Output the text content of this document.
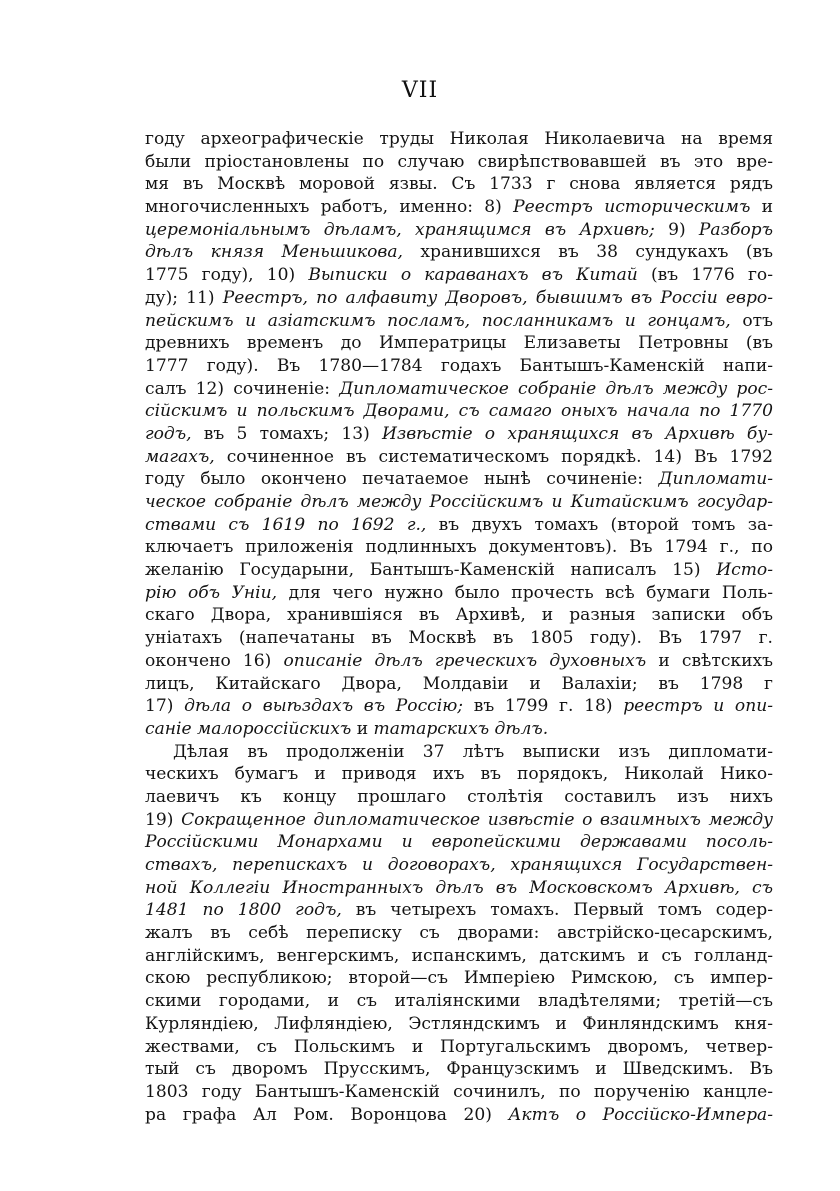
VII
году археографическіе труды Николая Николаевича на время
были пріостановлены по случаю свирѣпствовавшей въ это вре-
мя въ Москвѣ моровой язвы. Съ 1733 г снова является рядъ
многочисленныхъ работъ, именно: 8) Реестръ историческимъ и
церемоніальнымъ дѣламъ, хранящимся въ Архивѣ; 9) Разборъ
дѣлъ князя Меньшикова, хранившихся въ 38 сундукахъ (въ
1775 году), 10) Выписки о караванахъ въ Китай (въ 1776 го-
ду); 11) Реестръ, по алфавиту Дворовъ, бывшимъ въ Россіи евро-
пейскимъ и азіатскимъ посламъ, посланникамъ и гонцамъ, отъ
древнихъ временъ до Императрицы Елизаветы Петровны (въ
1777 году). Въ 1780—1784 годахъ Бантышъ-Каменскій напи-
салъ 12) сочиненіе: Дипломатическое собраніе дѣлъ между рос-
сійскимъ и польскимъ Дворами, съ самаго оныхъ начала по 1770
годъ, въ 5 томахъ; 13) Извѣстіе о хранящихся въ Архивѣ бу-
магахъ, сочиненное въ систематическомъ порядкѣ. 14) Въ 1792
году было окончено печатаемое нынѣ сочиненіе: Дипломати-
ческое собраніе дѣлъ между Россійскимъ и Китайскимъ государ-
ствами съ 1619 по 1692 г., въ двухъ томахъ (второй томъ за-
ключаетъ приложенія подлинныхъ документовъ). Въ 1794 г., по
желанію Государыни, Бантышъ-Каменскій написалъ 15) Исто-
рію объ Уніи, для чего нужно было прочесть всѣ бумаги Поль-
скаго Двора, хранившіяся въ Архивѣ, и разныя записки объ
уніатахъ (напечатаны въ Москвѣ въ 1805 году). Въ 1797 г.
окончено 16) описаніе дѣлъ греческихъ духовныхъ и свѣтскихъ
лицъ, Китайскаго Двора, Молдавіи и Валахіи; въ 1798 г
17) дѣла о выѣздахъ въ Россію; въ 1799 г. 18) реестръ и опи-
саніе малороссійскихъ и татарскихъ дѣлъ.
Дѣлая въ продолженіи 37 лѣтъ выписки изъ дипломати-
ческихъ бумагъ и приводя ихъ въ порядокъ, Николай Нико-
лаевичъ къ концу прошлаго столѣтія составилъ изъ нихъ
19) Сокращенное дипломатическое извѣстіе о взаимныхъ между
Россійскими Монархами и европейскими державами посоль-
ствахъ, перепискахъ и договорахъ, хранящихся Государствен-
ной Коллегіи Иностранныхъ дѣлъ въ Московскомъ Архивѣ, съ
1481 по 1800 годъ, въ четырехъ томахъ. Первый томъ содер-
жалъ въ себѣ переписку съ дворами: австрійско-цесарскимъ,
англійскимъ, венгерскимъ, испанскимъ, датскимъ и съ голланд-
скою республикою; второй—съ Имперіею Римскою, съ импер-
скими городами, и съ италіянскими владѣтелями; третій—съ
Курляндіею, Лифляндіею, Эстляндскимъ и Финляндскимъ кня-
жествами, съ Польскимъ и Португальскимъ дворомъ, четвер-
тый съ дворомъ Прусскимъ, Французскимъ и Шведскимъ. Въ
1803 году Бантышъ-Каменскій сочинилъ, по порученію канцле-
ра графа Ал Ром. Воронцова 20) Актъ о Россійско-Импера-
